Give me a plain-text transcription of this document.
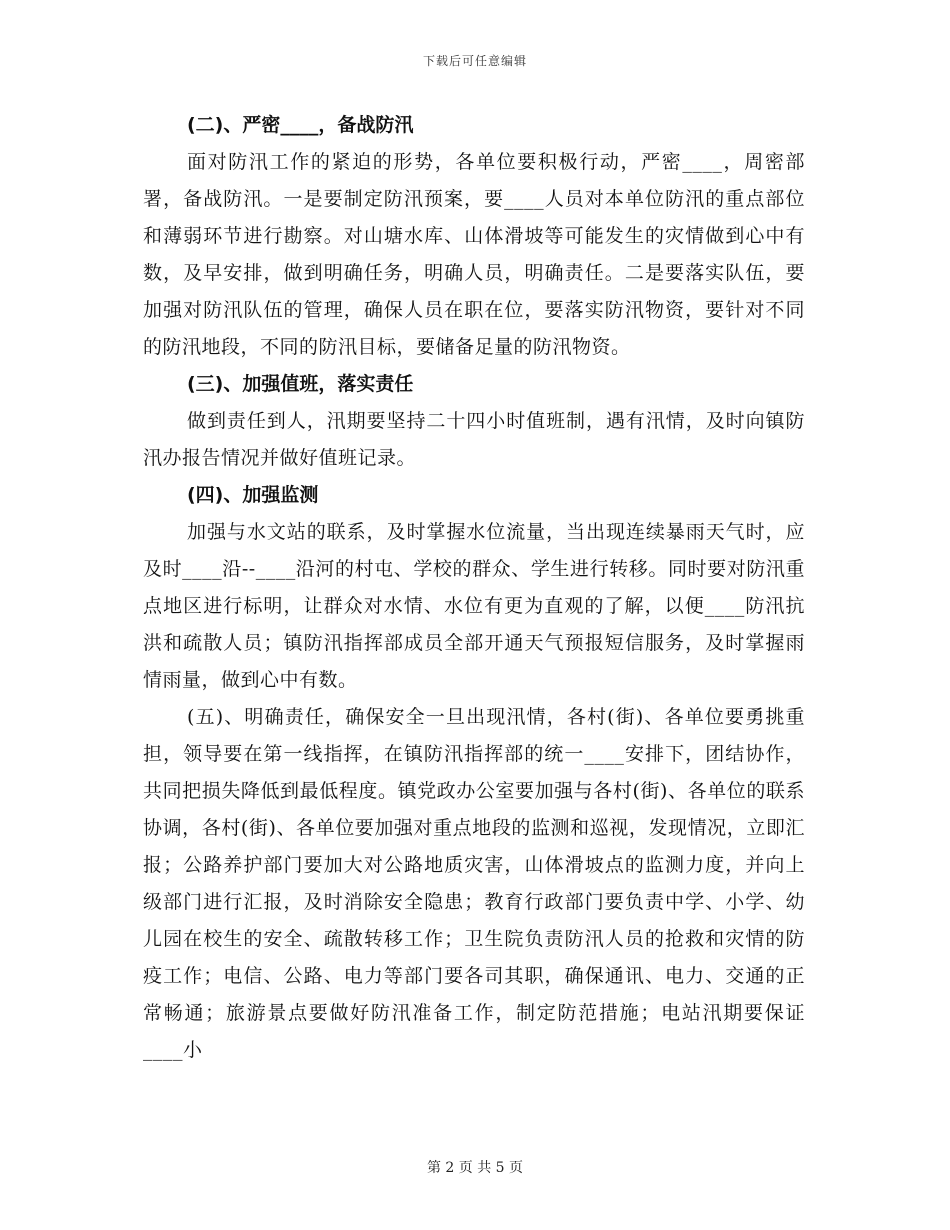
下载后可任意编辑
(二)、严密____，备战防汛

面对防汛工作的紧迫的形势，各单位要积极行动，严密____，周密部署，备战防汛。一是要制定防汛预案，要____人员对本单位防汛的重点部位和薄弱环节进行勘察。对山塘水库、山体滑坡等可能发生的灾情做到心中有数，及早安排，做到明确任务，明确人员，明确责任。二是要落实队伍，要加强对防汛队伍的管理，确保人员在职在位，要落实防汛物资，要针对不同的防汛地段，不同的防汛目标，要储备足量的防汛物资。

(三)、加强值班，落实责任

做到责任到人，汛期要坚持二十四小时值班制，遇有汛情，及时向镇防汛办报告情况并做好值班记录。

(四)、加强监测

加强与水文站的联系，及时掌握水位流量，当出现连续暴雨天气时，应及时____沿--____沿河的村屯、学校的群众、学生进行转移。同时要对防汛重点地区进行标明，让群众对水情、水位有更为直观的了解，以便____防汛抗洪和疏散人员；镇防汛指挥部成员全部开通天气预报短信服务，及时掌握雨情雨量，做到心中有数。

(五)、明确责任，确保安全一旦出现汛情，各村(街)、各单位要勇挑重担，领导要在第一线指挥，在镇防汛指挥部的统一____安排下，团结协作，共同把损失降低到最低程度。镇党政办公室要加强与各村(街)、各单位的联系协调，各村(街)、各单位要加强对重点地段的监测和巡视，发现情况，立即汇报；公路养护部门要加大对公路地质灾害，山体滑坡点的监测力度，并向上级部门进行汇报，及时消除安全隐患；教育行政部门要负责中学、小学、幼儿园在校生的安全、疏散转移工作；卫生院负责防汛人员的抢救和灾情的防疫工作；电信、公路、电力等部门要各司其职，确保通讯、电力、交通的正常畅通；旅游景点要做好防汛准备工作，制定防范措施；电站汛期要保证____小

第 2 页 共 5 页
